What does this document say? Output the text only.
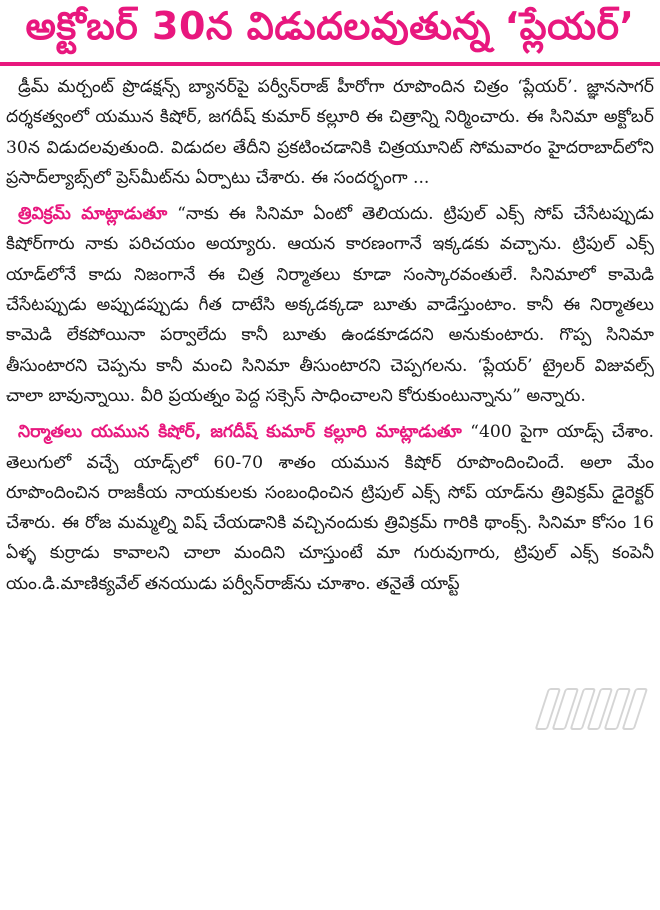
అక్టోబర్ 30న విడుదలవుతున్న ‘ప్లేయర్’

డ్రీమ్ మర్చంట్ ప్రొడక్షన్స్ బ్యానర్‌పై పర్వీన్‌రాజ్ హీరోగా రూపొందిన చిత్రం ‘ప్లేయర్’. జ్ఞానసాగర్ దర్శకత్వంలో యమున కిషోర్, జగదీష్ కుమార్ కల్లూరి ఈ చిత్రాన్ని నిర్మించారు. ఈ సినిమా అక్టోబర్ 30న విడుదలవుతుంది. విడుదల తేదీని ప్రకటించడానికి చిత్రయూనిట్ సోమవారం హైదరాబాద్‌లోని ప్రసాద్‌ల్యాబ్స్‌లో ప్రెస్‌మీట్‌ను ఏర్పాటు చేశారు. ఈ సందర్భంగా ...

త్రివిక్రమ్ మాట్లాడుతూ “నాకు ఈ సినిమా ఏంటో తెలియదు. ట్రిపుల్ ఎక్స్ సోప్ చేసేటప్పుడు కిషోర్‌గారు నాకు పరిచయం అయ్యారు. ఆయన కారణంగానే ఇక్కడకు వచ్చాను. ట్రిపుల్ ఎక్స్ యాడ్‌లోనే కాదు నిజంగానే ఈ చిత్ర నిర్మాతలు కూడా సంస్కారవంతులే. సినిమాలో కామెడి చేసేటప్పుడు అప్పుడప్పుడు గీత దాటేసి అక్కడక్కడా బూతు వాడేస్తుంటాం. కానీ ఈ నిర్మాతలు కామెడి లేకపోయినా పర్వాలేదు కానీ బూతు ఉండకూడదని అనుకుంటారు. గొప్ప సినిమా తీసుంటారని చెప్పను కానీ మంచి సినిమా తీసుంటారని చెప్పగలను. ‘ప్లేయర్’ ట్రైలర్ విజువల్స్ చాలా బావున్నాయి. వీరి ప్రయత్నం పెద్ద సక్సెస్ సాధించాలని కోరుకుంటున్నాను” అన్నారు.

నిర్మాతలు యమున కిషోర్, జగదీష్ కుమార్ కల్లూరి మాట్లాడుతూ “400 పైగా యాడ్స్ చేశాం. తెలుగులో వచ్చే యాడ్స్‌లో 60-70 శాతం యమున కిషోర్ రూపొందించిందే. అలా మేం రూపొందించిన రాజకీయ నాయకులకు సంబంధించిన ట్రిపుల్ ఎక్స్ సోప్ యాడ్‌ను త్రివిక్రమ్ డైరెక్టర్ చేశారు. ఈ రోజ మమ్మల్ని విష్ చేయడానికి వచ్చినందుకు త్రివిక్రమ్ గారికి థాంక్స్. సినిమా కోసం 16 ఏళ్ళ కుర్రాడు కావాలని చాలా మందిని చూస్తుంటే మా గురువుగారు, ట్రిపుల్ ఎక్స్ కంపెనీ యం.డి.మాణిక్యవేల్ తనయుడు పర్వీన్‌రాజ్‌ను చూశాం. తనైతే యాప్ట్
